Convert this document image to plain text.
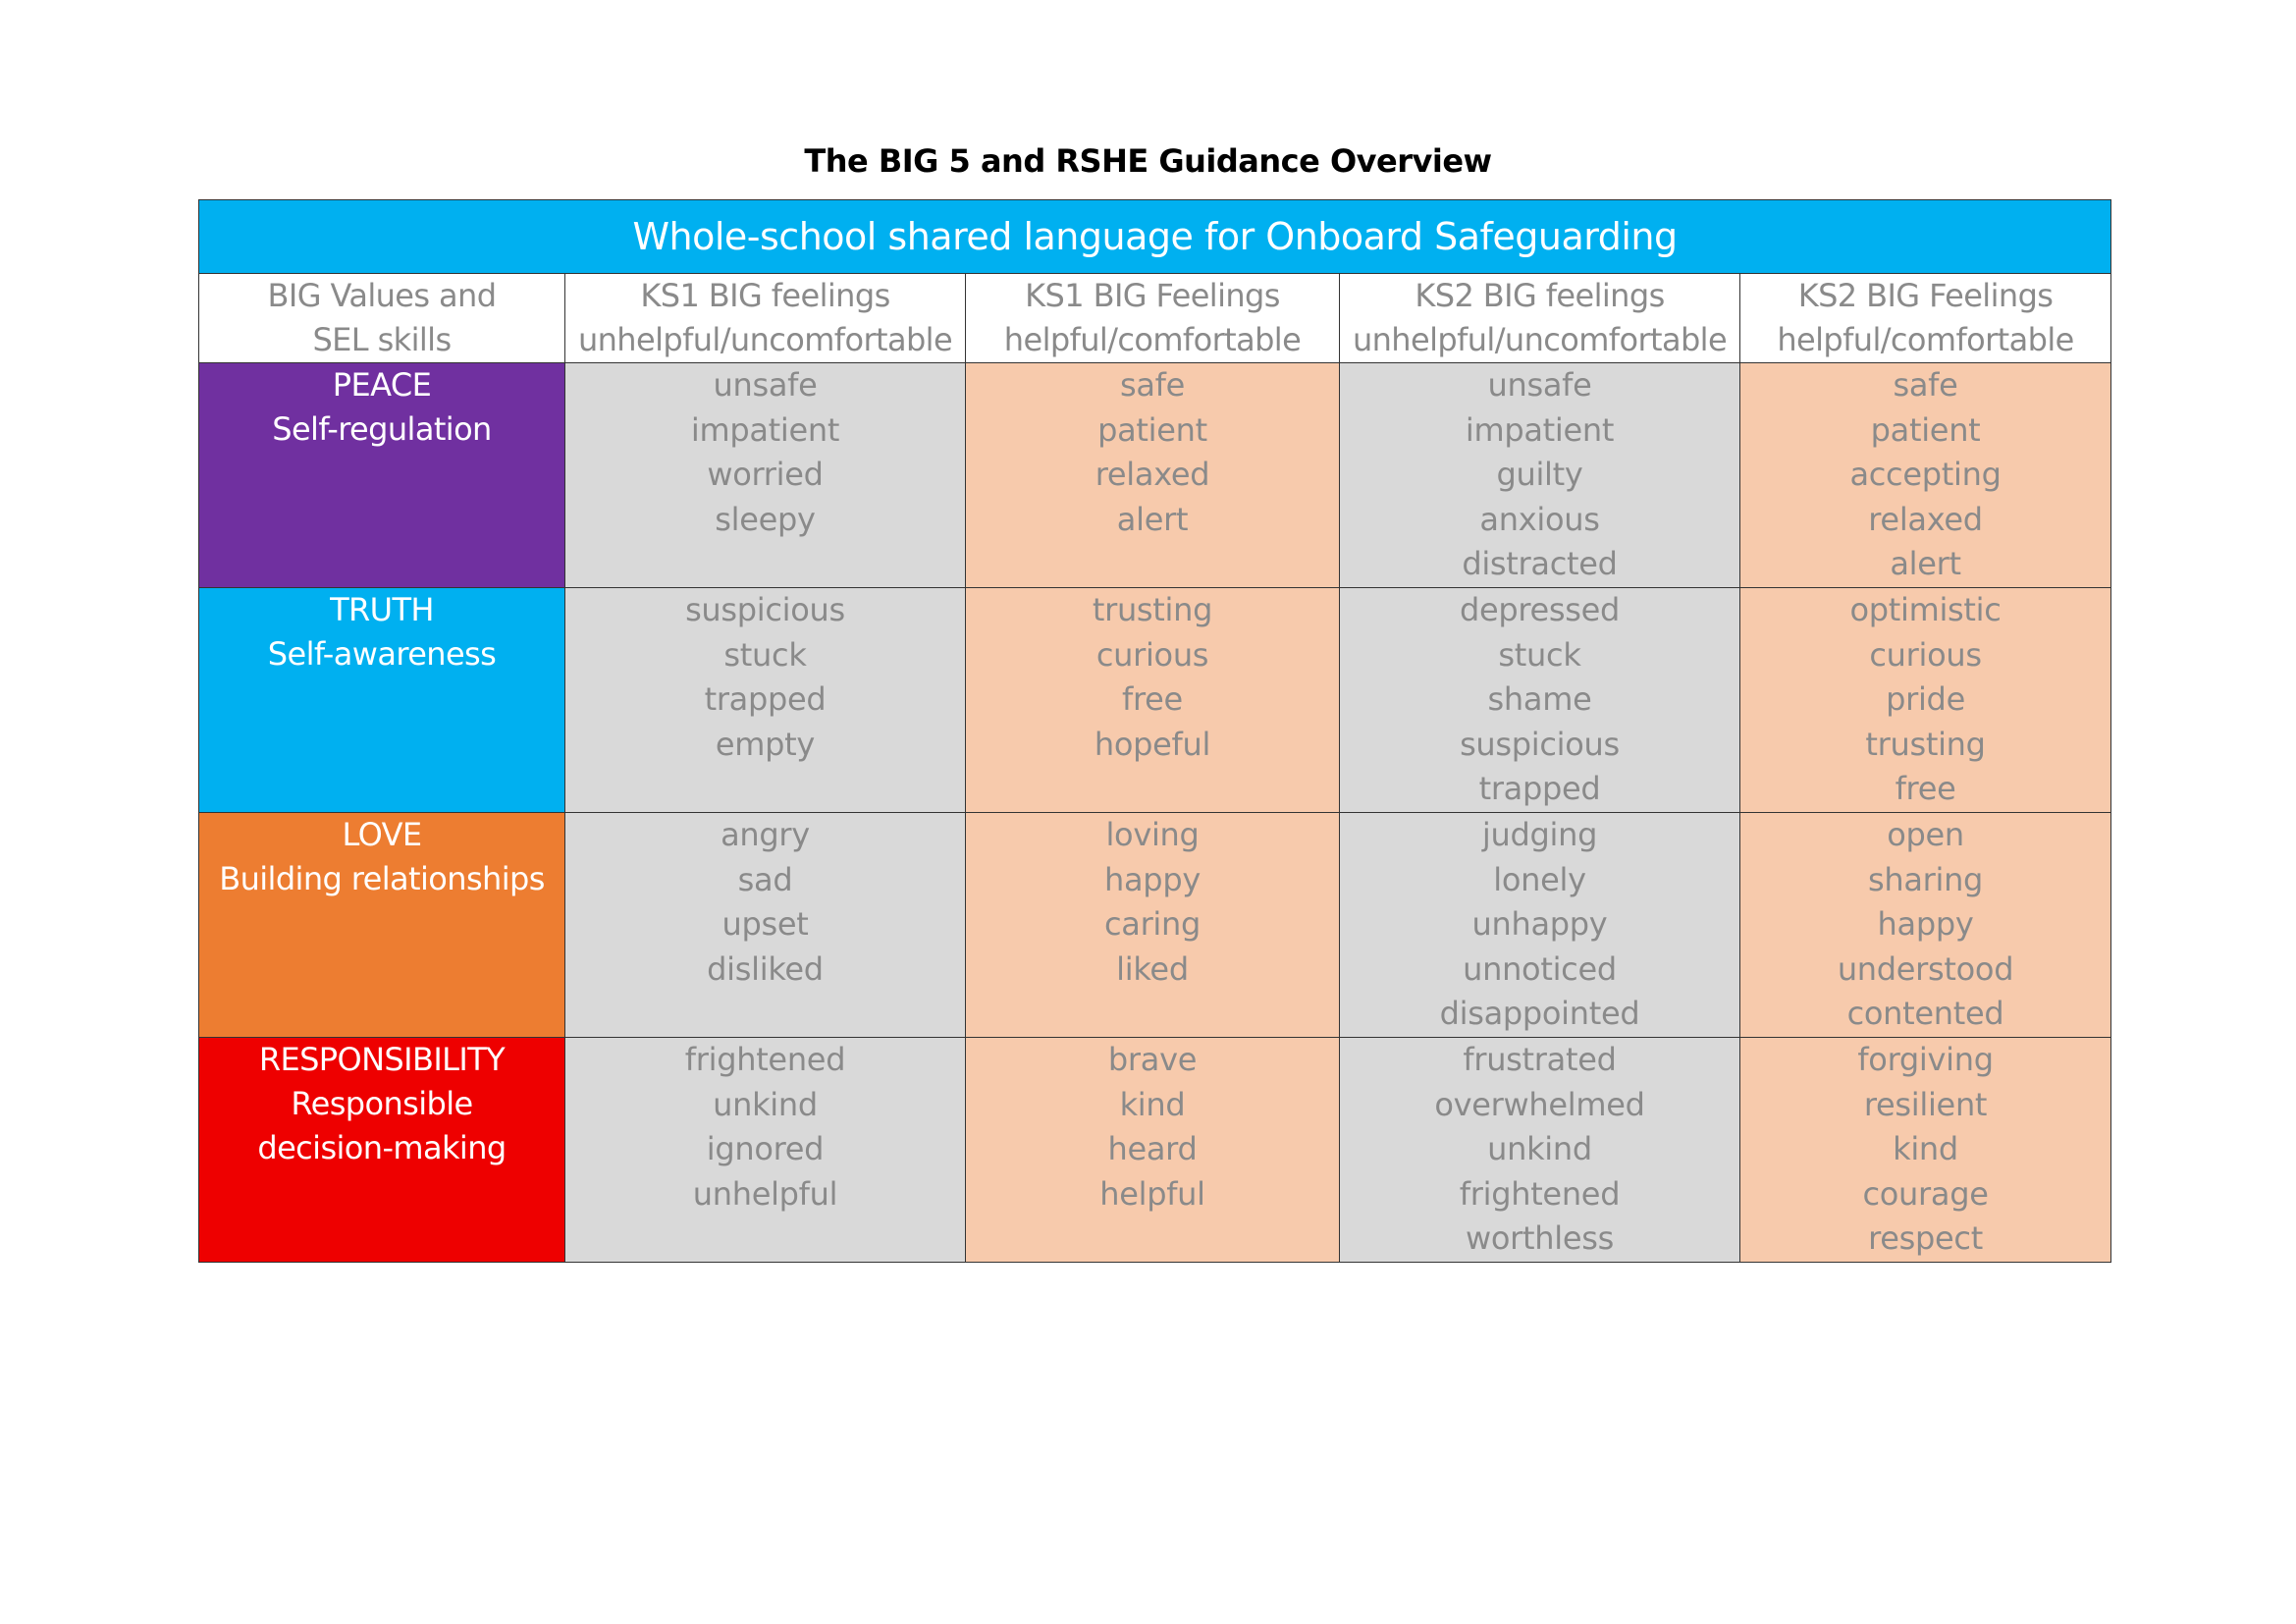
The BIG 5 and RSHE Guidance Overview
Whole-school shared language for Onboard Safeguarding				

BIG Values and
SEL skills	KS1 BIG feelings
unhelpful/uncomfortable	KS1 BIG Feelings
helpful/comfortable	KS2 BIG feelings
unhelpful/uncomfortable	KS2 BIG Feelings
helpful/comfortable

PEACE
Self-regulation	unsafe
impatient
worried
sleepy	safe
patient
relaxed
alert	unsafe
impatient
guilty
anxious
distracted	safe
patient
accepting
relaxed
alert

TRUTH
Self-awareness	suspicious
stuck
trapped
empty	trusting
curious
free
hopeful	depressed
stuck
shame
suspicious
trapped	optimistic
curious
pride
trusting
free

LOVE
Building relationships	angry
sad
upset
disliked	loving
happy
caring
liked	judging
lonely
unhappy
unnoticed
disappointed	open
sharing
happy
understood
contented

RESPONSIBILITY
Responsible
decision-making	frightened
unkind
ignored
unhelpful	brave
kind
heard
helpful	frustrated
overwhelmed
unkind
frightened
worthless	forgiving
resilient
kind
courage
respect
